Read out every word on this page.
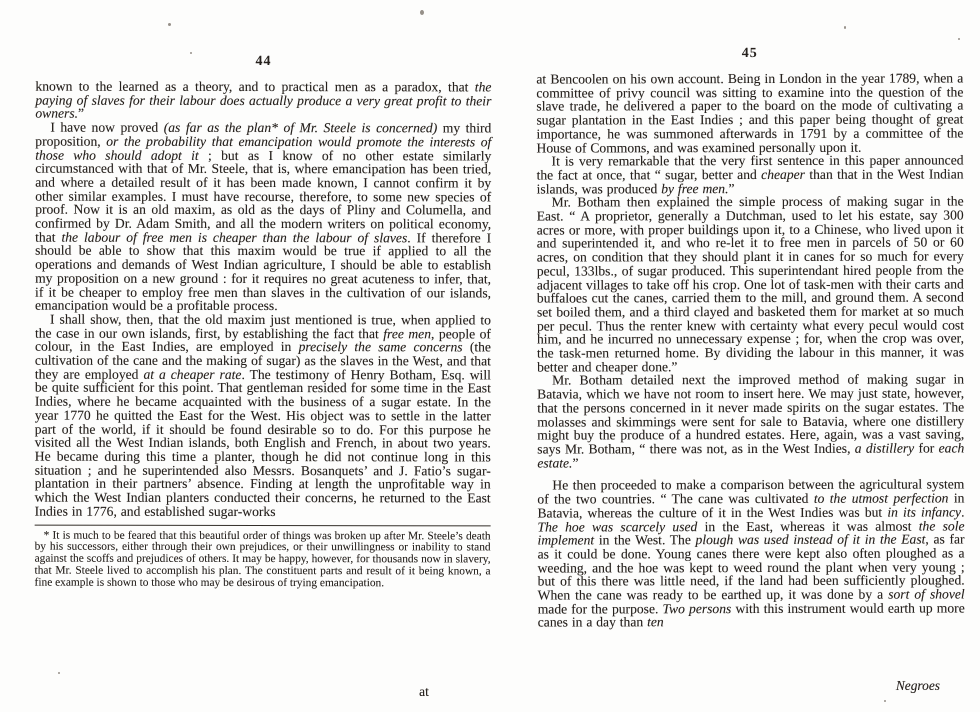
44

known to the learned as a theory, and to practical men as a paradox, that the paying of slaves for their labour does actually produce a very great profit to their owners.”

I have now proved (as far as the plan* of Mr. Steele is concerned) my third proposition, or the probability that emancipation would promote the interests of those who should adopt it ; but as I know of no other estate similarly circumstanced with that of Mr. Steele, that is, where emancipation has been tried, and where a detailed result of it has been made known, I cannot confirm it by other similar examples. I must have recourse, therefore, to some new species of proof. Now it is an old maxim, as old as the days of Pliny and Columella, and confirmed by Dr. Adam Smith, and all the modern writers on political economy, that the labour of free men is cheaper than the labour of slaves. If therefore I should be able to show that this maxim would be true if applied to all the operations and demands of West Indian agriculture, I should be able to establish my proposition on a new ground : for it requires no great acuteness to infer, that, if it be cheaper to employ free men than slaves in the cultivation of our islands, emancipation would be a profitable process.

I shall show, then, that the old maxim just mentioned is true, when applied to the case in our own islands, first, by establishing the fact that free men, people of colour, in the East Indies, are employed in precisely the same concerns (the cultivation of the cane and the making of sugar) as the slaves in the West, and that they are employed at a cheaper rate. The testimony of Henry Botham, Esq. will be quite sufficient for this point. That gentleman resided for some time in the East Indies, where he became acquainted with the business of a sugar estate. In the year 1770 he quitted the East for the West. His object was to settle in the latter part of the world, if it should be found desirable so to do. For this purpose he visited all the West Indian islands, both English and French, in about two years. He became during this time a planter, though he did not continue long in this situation ; and he superintended also Messrs. Bosanquets’ and J. Fatio’s sugar-plantation in their partners’ absence. Finding at length the unprofitable way in which the West Indian planters conducted their concerns, he returned to the East Indies in 1776, and established sugar-works

* It is much to be feared that this beautiful order of things was broken up after Mr. Steele’s death by his successors, either through their own prejudices, or their unwillingness or inability to stand against the scoffs and prejudices of others. It may be happy, however, for thousands now in slavery, that Mr. Steele lived to accomplish his plan. The constituent parts and result of it being known, a fine example is shown to those who may be desirous of trying emancipation.

45

at Bencoolen on his own account. Being in London in the year 1789, when a committee of privy council was sitting to examine into the question of the slave trade, he delivered a paper to the board on the mode of cultivating a sugar plantation in the East Indies ; and this paper being thought of great importance, he was summoned afterwards in 1791 by a committee of the House of Commons, and was examined personally upon it.

It is very remarkable that the very first sentence in this paper announced the fact at once, that “ sugar, better and cheaper than that in the West Indian islands, was produced by free men.”

Mr. Botham then explained the simple process of making sugar in the East. “ A proprietor, generally a Dutchman, used to let his estate, say 300 acres or more, with proper buildings upon it, to a Chinese, who lived upon it and superintended it, and who re-let it to free men in parcels of 50 or 60 acres, on condition that they should plant it in canes for so much for every pecul, 133lbs., of sugar produced. This superintendant hired people from the adjacent villages to take off his crop. One lot of task-men with their carts and buffaloes cut the canes, carried them to the mill, and ground them. A second set boiled them, and a third clayed and basketed them for market at so much per pecul. Thus the renter knew with certainty what every pecul would cost him, and he incurred no unnecessary expense ; for, when the crop was over, the task-men returned home. By dividing the labour in this manner, it was better and cheaper done.”

Mr. Botham detailed next the improved method of making sugar in Batavia, which we have not room to insert here. We may just state, however, that the persons concerned in it never made spirits on the sugar estates. The molasses and skimmings were sent for sale to Batavia, where one distillery might buy the produce of a hundred estates. Here, again, was a vast saving, says Mr. Botham, “ there was not, as in the West Indies, a distillery for each estate.”

He then proceeded to make a comparison between the agricultural system of the two countries. “ The cane was cultivated to the utmost perfection in Batavia, whereas the culture of it in the West Indies was but in its infancy. The hoe was scarcely used in the East, whereas it was almost the sole implement in the West. The plough was used instead of it in the East, as far as it could be done. Young canes there were kept also often ploughed as a weeding, and the hoe was kept to weed round the plant when very young ; but of this there was little need, if the land had been sufficiently ploughed. When the cane was ready to be earthed up, it was done by a sort of shovel made for the purpose. Two persons with this instrument would earth up more canes in a day than ten

at	Negroes
